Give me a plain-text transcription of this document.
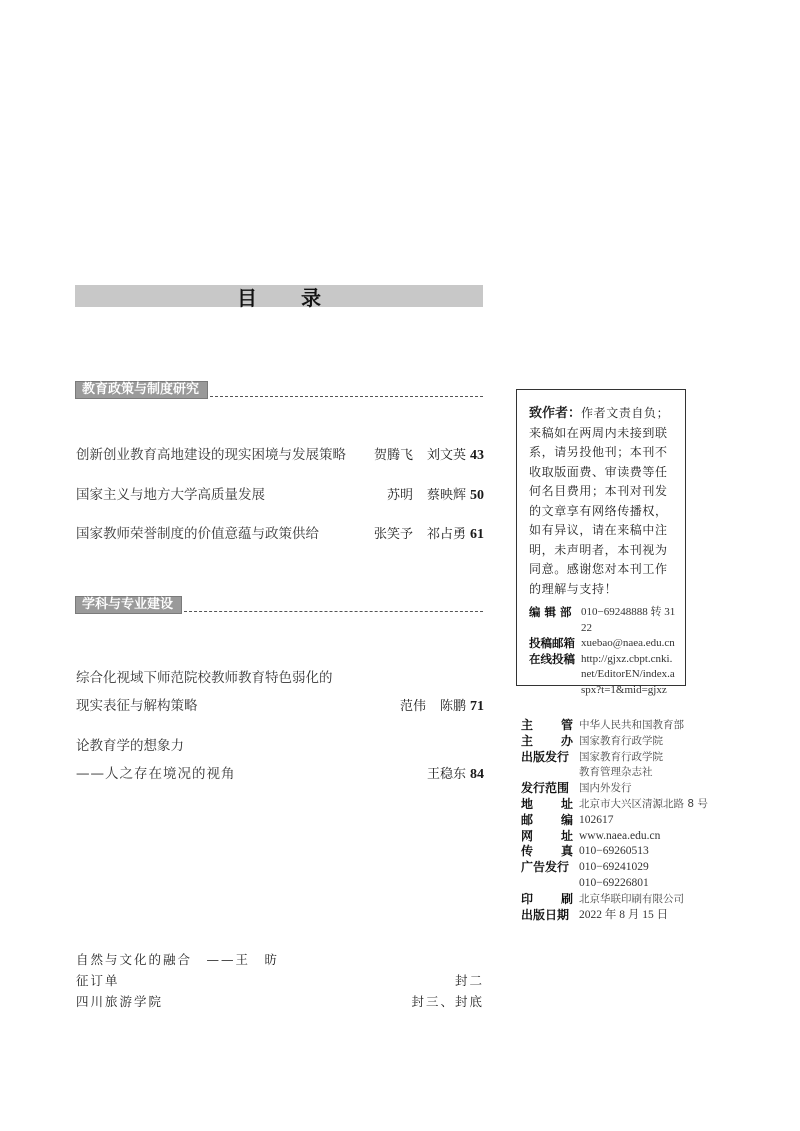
目 录
教育政策与制度研究
创新创业教育高地建设的现实困境与发展策略 贺腾飞 刘文英 43
国家主义与地方大学高质量发展	苏明 蔡映辉 50
国家教师荣誉制度的价值意蕴与政策供给	张笑予 祁占勇 61
学科与专业建设
综合化视域下师范院校教师教育特色弱化的
现实表征与解构策略	范伟 陈鹏 71
论教育学的想象力
——人之存在境况的视角	王稳东 84
自然与文化的融合　——王　昉
征订单	封二
四川旅游学院	封三、封底
致作者：作者文责自负；来稿如在两周内未接到联系，请另投他刊；本刊不收取版面费、审读费等任何名目费用；本刊对刊发的文章享有网络传播权，如有异议，请在来稿中注明，未声明者，本刊视为同意。感谢您对本刊工作的理解与支持！
编 辑 部 010−69248888 转 3122
投稿邮箱 xuebao@naea.edu.cn
在线投稿 http://gjxz.cbpt.cnki.net/EditorEN/index.aspx?t=1&mid=gjxz
主 管 中华人民共和国教育部
主 办 国家教育行政学院
出版发行 国家教育行政学院
教育管理杂志社
发行范围 国内外发行
地 址 北京市大兴区清源北路 8 号
邮 编 102617
网 址 www.naea.edu.cn
传 真 010−69260513
广告发行 010−69241029
010−69226801
印 刷 北京华联印刷有限公司
出版日期 2022 年 8 月 15 日
